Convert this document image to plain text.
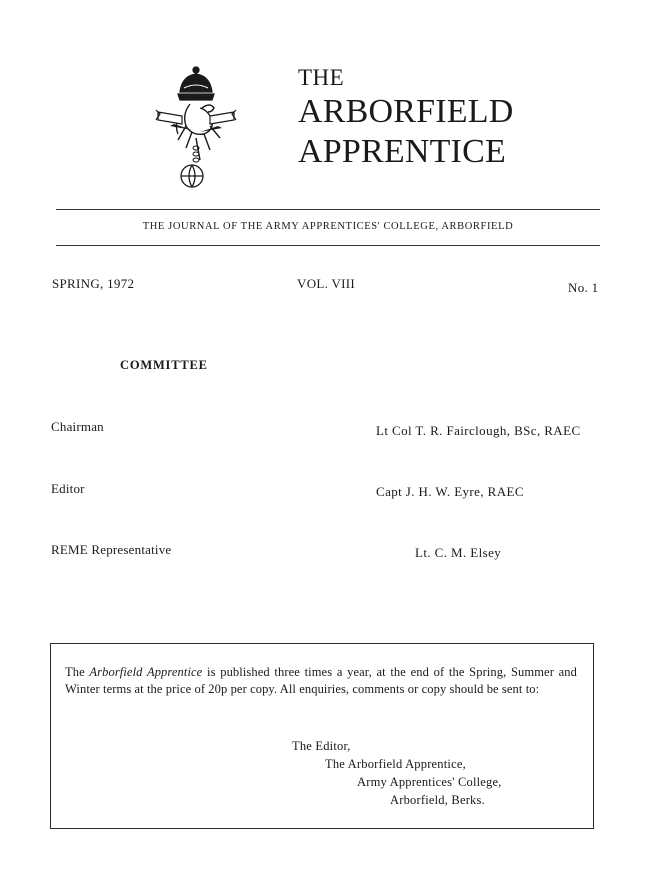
THE

ARBORFIELD

APPRENTICE

THE JOURNAL OF THE ARMY APPRENTICES' COLLEGE, ARBORFIELD
SPRING, 1972	VOL. VIII	No. 1
COMMITTEE
Chairman	Lt Col T. R. Fairclough, BSc, RAEC
Editor	Capt J. H. W. Eyre, RAEC
REME Representative	Lt. C. M. Elsey

The Arborfield Apprentice is published three times a year, at the end of the Spring, Summer and Winter terms at the price of 20p per copy. All enquiries, comments or copy should be sent to:

The Editor,
The Arborfield Apprentice,
Army Apprentices' College,
Arborfield, Berks.
